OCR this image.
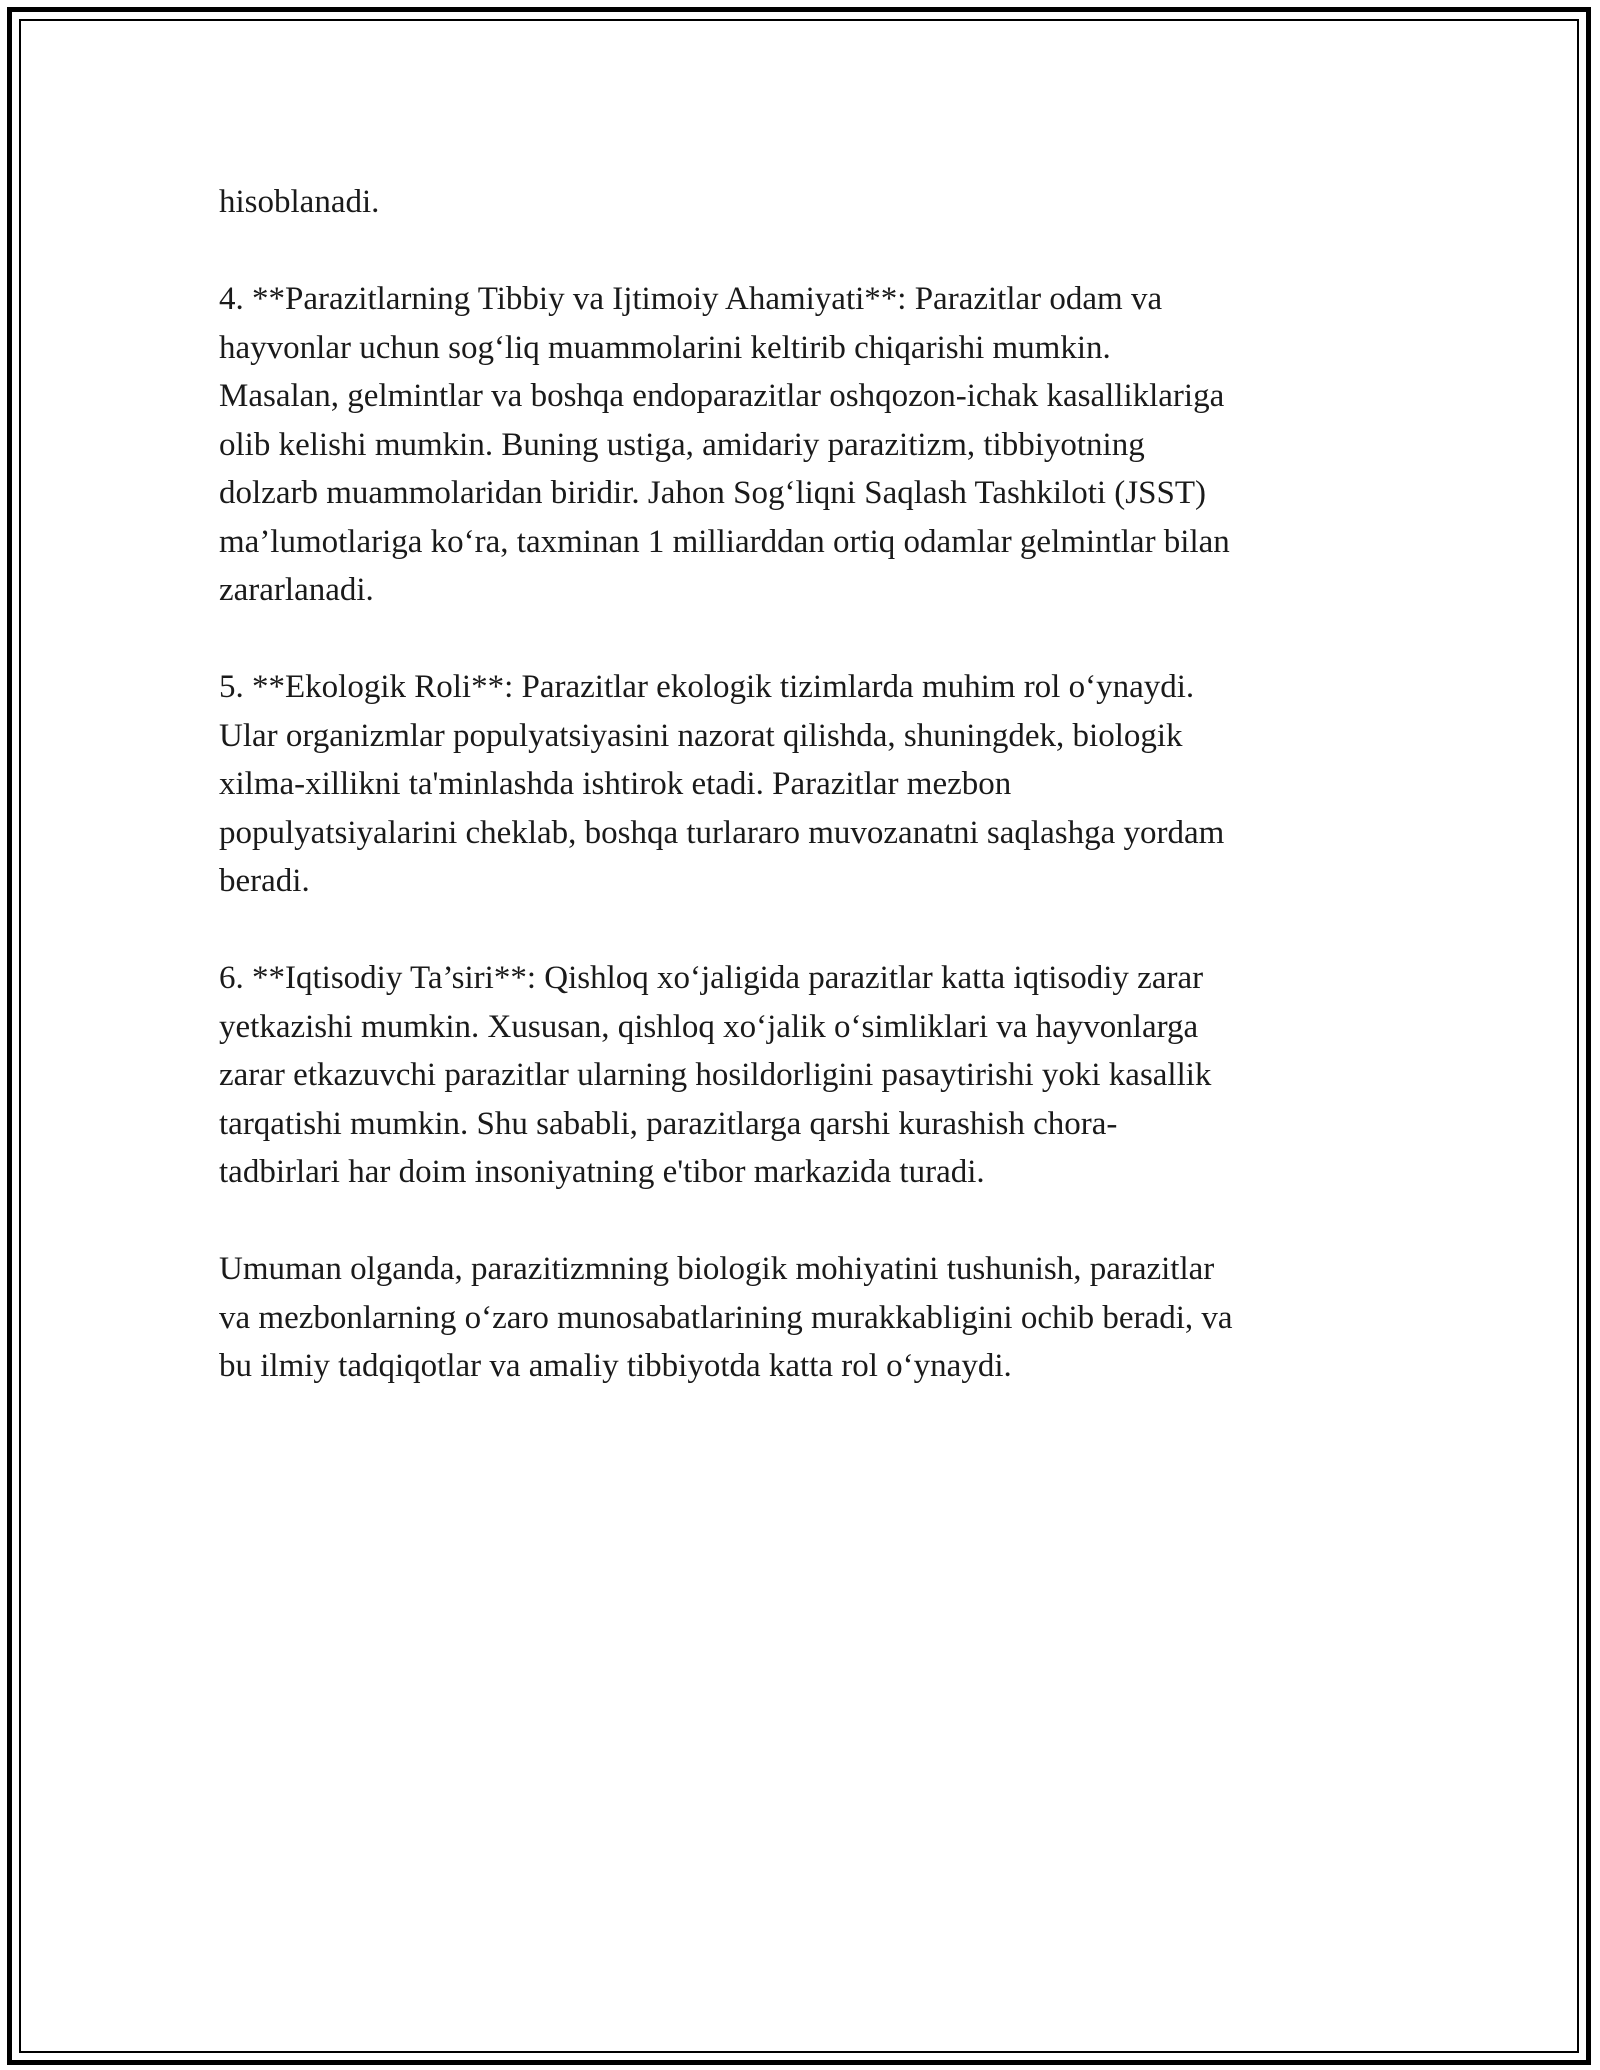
hisoblanadi.

4. **Parazitlarning Tibbiy va Ijtimoiy Ahamiyati**: Parazitlar odam va
hayvonlar uchun sog‘liq muammolarini keltirib chiqarishi mumkin.
Masalan, gelmintlar va boshqa endoparazitlar oshqozon-ichak kasalliklariga
olib kelishi mumkin. Buning ustiga, amidariy parazitizm, tibbiyotning
dolzarb muammolaridan biridir. Jahon Sog‘liqni Saqlash Tashkiloti (JSST)
ma’lumotlariga ko‘ra, taxminan 1 milliarddan ortiq odamlar gelmintlar bilan
zararlanadi.

5. **Ekologik Roli**: Parazitlar ekologik tizimlarda muhim rol o‘ynaydi.
Ular organizmlar populyatsiyasini nazorat qilishda, shuningdek, biologik
xilma-xillikni ta'minlashda ishtirok etadi. Parazitlar mezbon
populyatsiyalarini cheklab, boshqa turlararo muvozanatni saqlashga yordam
beradi.

6. **Iqtisodiy Ta’siri**: Qishloq xo‘jaligida parazitlar katta iqtisodiy zarar
yetkazishi mumkin. Xususan, qishloq xo‘jalik o‘simliklari va hayvonlarga
zarar etkazuvchi parazitlar ularning hosildorligini pasaytirishi yoki kasallik
tarqatishi mumkin. Shu sababli, parazitlarga qarshi kurashish chora-
tadbirlari har doim insoniyatning e'tibor markazida turadi.

Umuman olganda, parazitizmning biologik mohiyatini tushunish, parazitlar
va mezbonlarning o‘zaro munosabatlarining murakkabligini ochib beradi, va
bu ilmiy tadqiqotlar va amaliy tibbiyotda katta rol o‘ynaydi.
